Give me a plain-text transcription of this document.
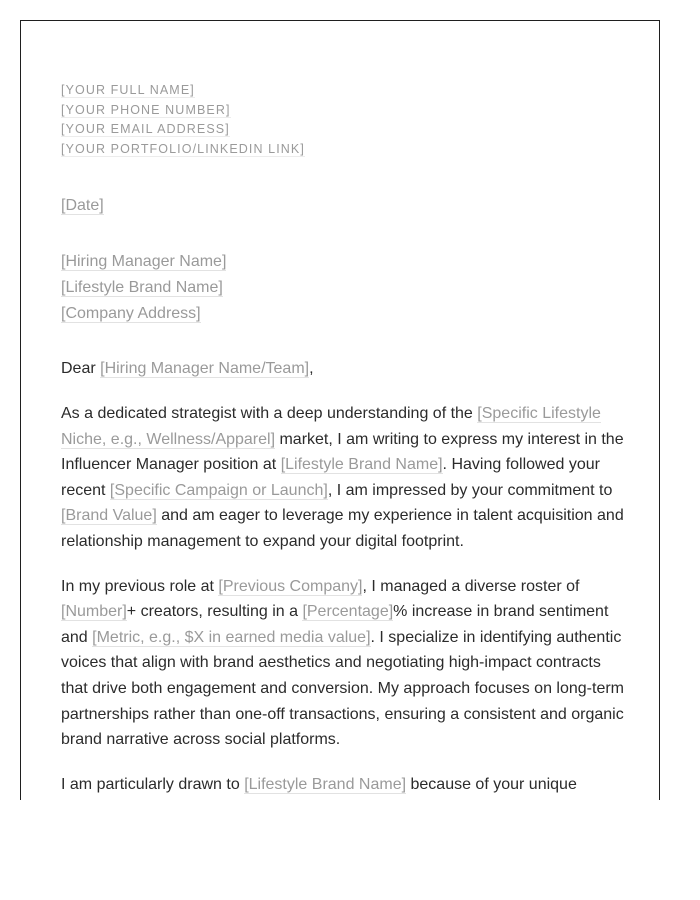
[YOUR FULL NAME]
[YOUR PHONE NUMBER]
[YOUR EMAIL ADDRESS]
[YOUR PORTFOLIO/LINKEDIN LINK]
[Date]
[Hiring Manager Name]
[Lifestyle Brand Name]
[Company Address]
Dear [Hiring Manager Name/Team],

As a dedicated strategist with a deep understanding of the [Specific Lifestyle Niche, e.g., Wellness/Apparel] market, I am writing to express my interest in the Influencer Manager position at [Lifestyle Brand Name]. Having followed your recent [Specific Campaign or Launch], I am impressed by your commitment to [Brand Value] and am eager to leverage my experience in talent acquisition and relationship management to expand your digital footprint.

In my previous role at [Previous Company], I managed a diverse roster of [Number]+ creators, resulting in a [Percentage]% increase in brand sentiment and [Metric, e.g., $X in earned media value]. I specialize in identifying authentic voices that align with brand aesthetics and negotiating high-impact contracts that drive both engagement and conversion. My approach focuses on long-term partnerships rather than one-off transactions, ensuring a consistent and organic brand narrative across social platforms.

I am particularly drawn to [Lifestyle Brand Name] because of your unique
